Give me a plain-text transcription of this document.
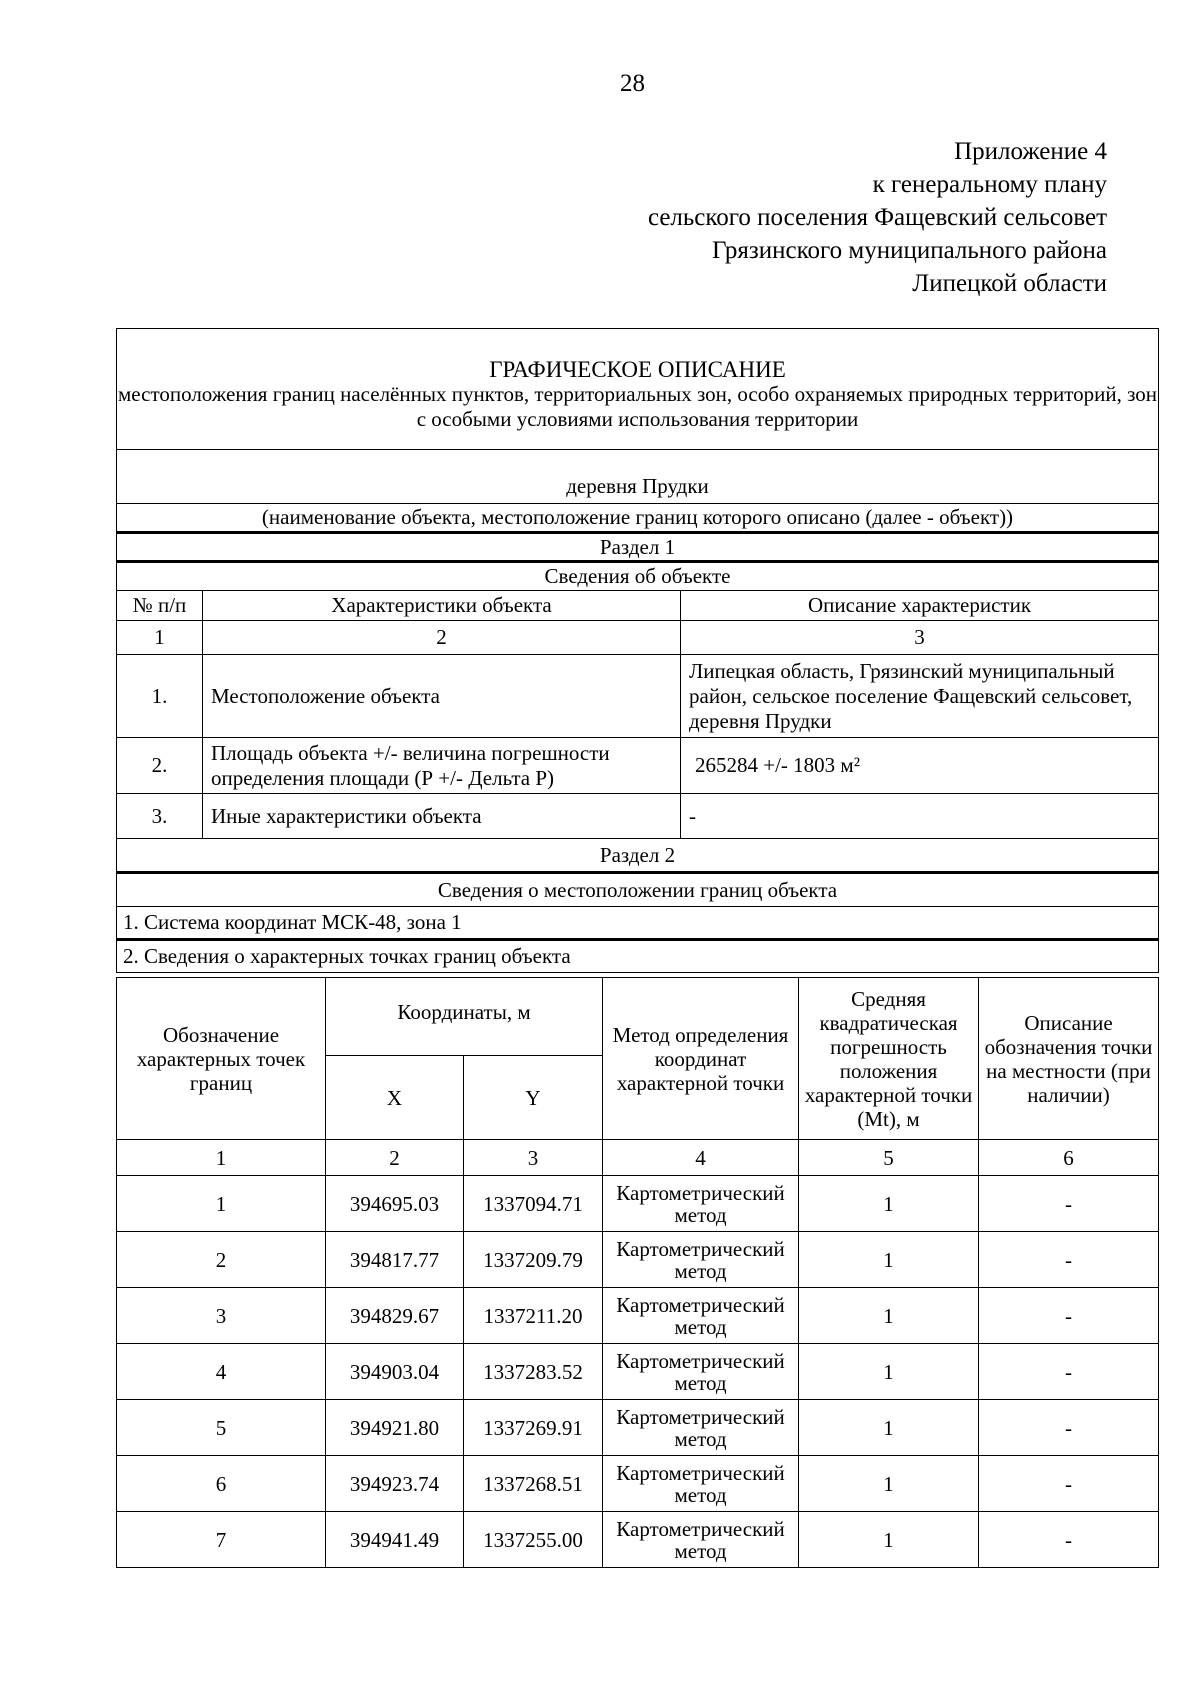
28
Приложение 4
к генеральному плану
сельского поселения Фащевский сельсовет
Грязинского муниципального района
Липецкой области
ГРАФИЧЕСКОЕ ОПИСАНИЕ
местоположения границ населённых пунктов, территориальных зон, особо охраняемых природных территорий, зон с особыми условиями использования территории		
деревня Прудки		
(наименование объекта, местоположение границ которого описано (далее - объект))		
Раздел 1		
Сведения об объекте		
№ п/п	Характеристики объекта	Описание характеристик
1	2	3
1.	Местоположение объекта	Липецкая область, Грязинский муниципальный район, сельское поселение Фащевский сельсовет, деревня Прудки
2.	Площадь объекта +/- величина погрешности определения площади (Р +/- Дельта Р)	265284 +/- 1803 м²
3.	Иные характеристики объекта	-
Раздел 2		
Сведения о местоположении границ объекта		
1. Система координат МСК-48, зона 1		
2. Сведения о характерных точках границ объекта		
Обозначение характерных точек границ	Координаты, м		Метод определения координат характерной точки	Средняя квадратическая погрешность положения характерной точки (Mt), м	Описание обозначения точки на местности (при наличии)
	X	Y			
1	2	3	4	5	6
1	394695.03	1337094.71	Картометрический метод	1	-
2	394817.77	1337209.79	Картометрический метод	1	-
3	394829.67	1337211.20	Картометрический метод	1	-
4	394903.04	1337283.52	Картометрический метод	1	-
5	394921.80	1337269.91	Картометрический метод	1	-
6	394923.74	1337268.51	Картометрический метод	1	-
7	394941.49	1337255.00	Картометрический метод	1	-
